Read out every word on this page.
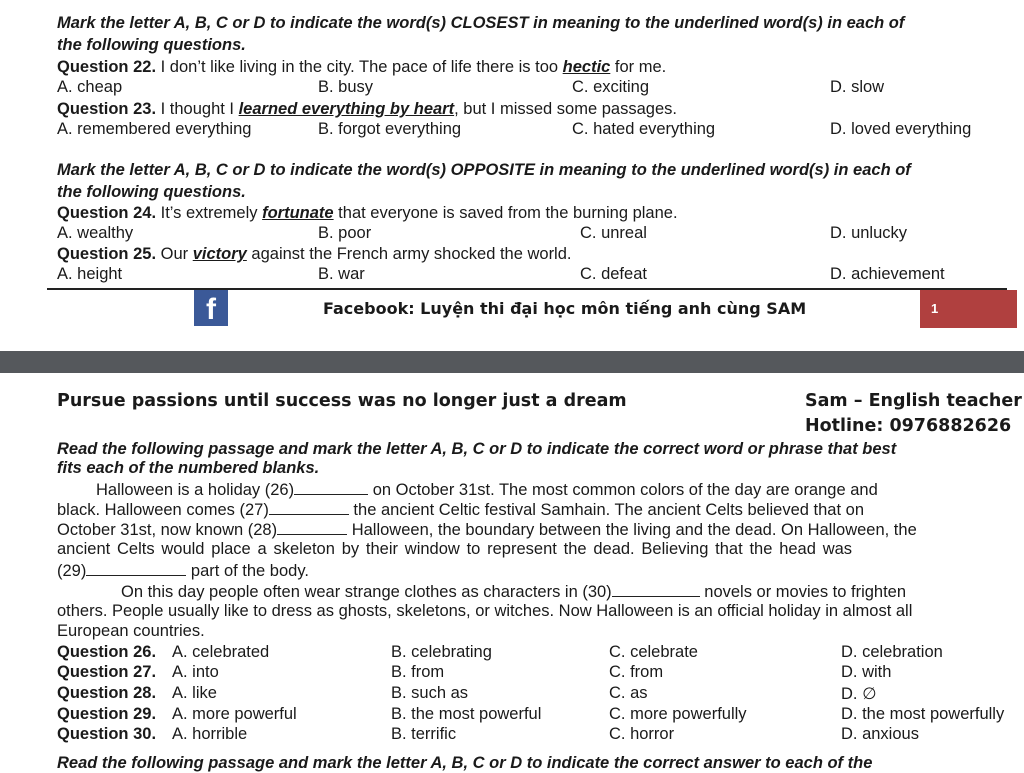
Mark the letter A, B, C or D to indicate the word(s) CLOSEST in meaning to the underlined word(s) in each of
the following questions.
Question 22. I don’t like living in the city. The pace of life there is too hectic for me.
A. cheap	B. busy	C. exciting	D. slow
Question 23. I thought I learned everything by heart, but I missed some passages.
A. remembered everything	B. forgot everything	C. hated everything	D. loved everything
Mark the letter A, B, C or D to indicate the word(s) OPPOSITE in meaning to the underlined word(s) in each of
the following questions.
Question 24. It’s extremely fortunate that everyone is saved from the burning plane.
A. wealthy	B. poor	C. unreal	D. unlucky
Question 25. Our victory against the French army shocked the world.
A. height	B. war	C. defeat	D. achievement
f	Facebook: Luyện thi đại học môn tiếng anh cùng SAM	1
Pursue passions until success was no longer just a dream	Sam – English teacher
Hotline: 0976882626
Read the following passage and mark the letter A, B, C or D to indicate the correct word or phrase that best
fits each of the numbered blanks.
Halloween is a holiday (26)	on October 31st. The most common colors of the day are orange and
black. Halloween comes (27)	the ancient Celtic festival Samhain. The ancient Celts believed that on
October 31st, now known (28)	Halloween, the boundary between the living and the dead. On Halloween, the
ancient Celts would place a skeleton by their window to represent the dead. Believing that the head was
(29)	part of the body.
On this day people often wear strange clothes as characters in (30)	novels or movies to frighten
others. People usually like to dress as ghosts, skeletons, or witches. Now Halloween is an official holiday in almost all
European countries.
Question 26. A. celebrated	B. celebrating	C. celebrate	D. celebration
Question 27. A. into	B. from	C. from	D. with
Question 28. A. like	B. such as	C. as	D. ∅
Question 29. A. more powerful	B. the most powerful	C. more powerfully	D. the most powerfully
Question 30. A. horrible	B. terrific	C. horror	D. anxious
Read the following passage and mark the letter A, B, C or D to indicate the correct answer to each of the
